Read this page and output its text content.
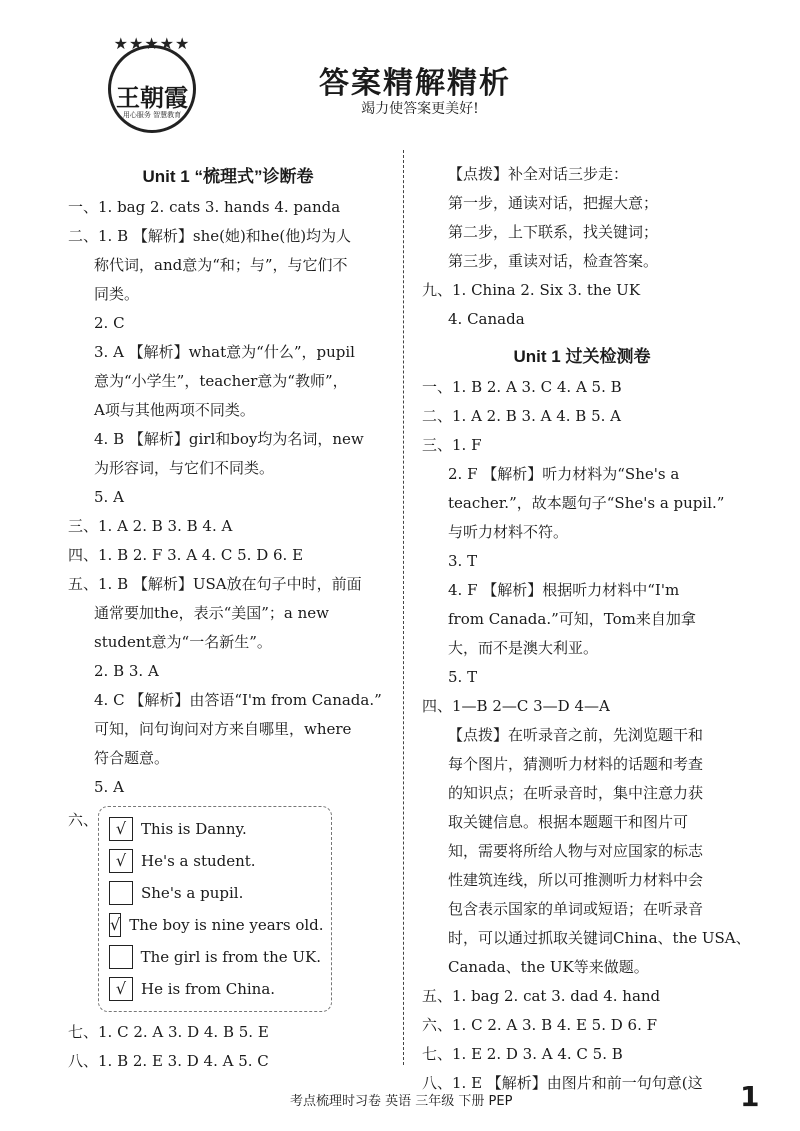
★★★★★
王朝霞
用心服务 智慧教育
答案精解精析
竭力使答案更美好!
Unit 1 “梳理式”诊断卷
一、1. bag 2. cats 3. hands 4. panda
二、1. B 【解析】she(她)和he(他)均为人
称代词，and意为“和；与”，与它们不
同类。
2. C
3. A 【解析】what意为“什么”，pupil
意为“小学生”，teacher意为“教师”，
A项与其他两项不同类。
4. B 【解析】girl和boy均为名词，new
为形容词，与它们不同类。
5. A
三、1. A 2. B 3. B 4. A
四、1. B 2. F 3. A 4. C 5. D 6. E
五、1. B 【解析】USA放在句子中时，前面
通常要加the，表示“美国”；a new
student意为“一名新生”。
2. B 3. A
4. C 【解析】由答语“I'm from Canada.”
可知，问句询问对方来自哪里，where
符合题意。
5. A
六、	√ This is Danny.
√ He's a student.
She's a pupil.
√ The boy is nine years old.
The girl is from the UK.
√ He is from China.
七、1. C 2. A 3. D 4. B 5. E
八、1. B 2. E 3. D 4. A 5. C
【点拨】补全对话三步走：
第一步，通读对话，把握大意；
第二步，上下联系，找关键词；
第三步，重读对话，检查答案。
九、1. China 2. Six 3. the UK
4. Canada
Unit 1 过关检测卷
一、1. B 2. A 3. C 4. A 5. B
二、1. A 2. B 3. A 4. B 5. A
三、1. F
2. F 【解析】听力材料为“She's a
teacher.”，故本题句子“She's a pupil.”
与听力材料不符。
3. T
4. F 【解析】根据听力材料中“I'm
from Canada.”可知，Tom来自加拿
大，而不是澳大利亚。
5. T
四、1—B 2—C 3—D 4—A
【点拨】在听录音之前，先浏览题干和
每个图片，猜测听力材料的话题和考查
的知识点；在听录音时，集中注意力获
取关键信息。根据本题题干和图片可
知，需要将所给人物与对应国家的标志
性建筑连线，所以可推测听力材料中会
包含表示国家的单词或短语；在听录音
时，可以通过抓取关键词China、the USA、
Canada、the UK等来做题。
五、1. bag 2. cat 3. dad 4. hand
六、1. C 2. A 3. B 4. E 5. D 6. F
七、1. E 2. D 3. A 4. C 5. B
八、1. E 【解析】由图片和前一句句意(这
考点梳理时习卷 英语 三年级 下册 PEP	1
